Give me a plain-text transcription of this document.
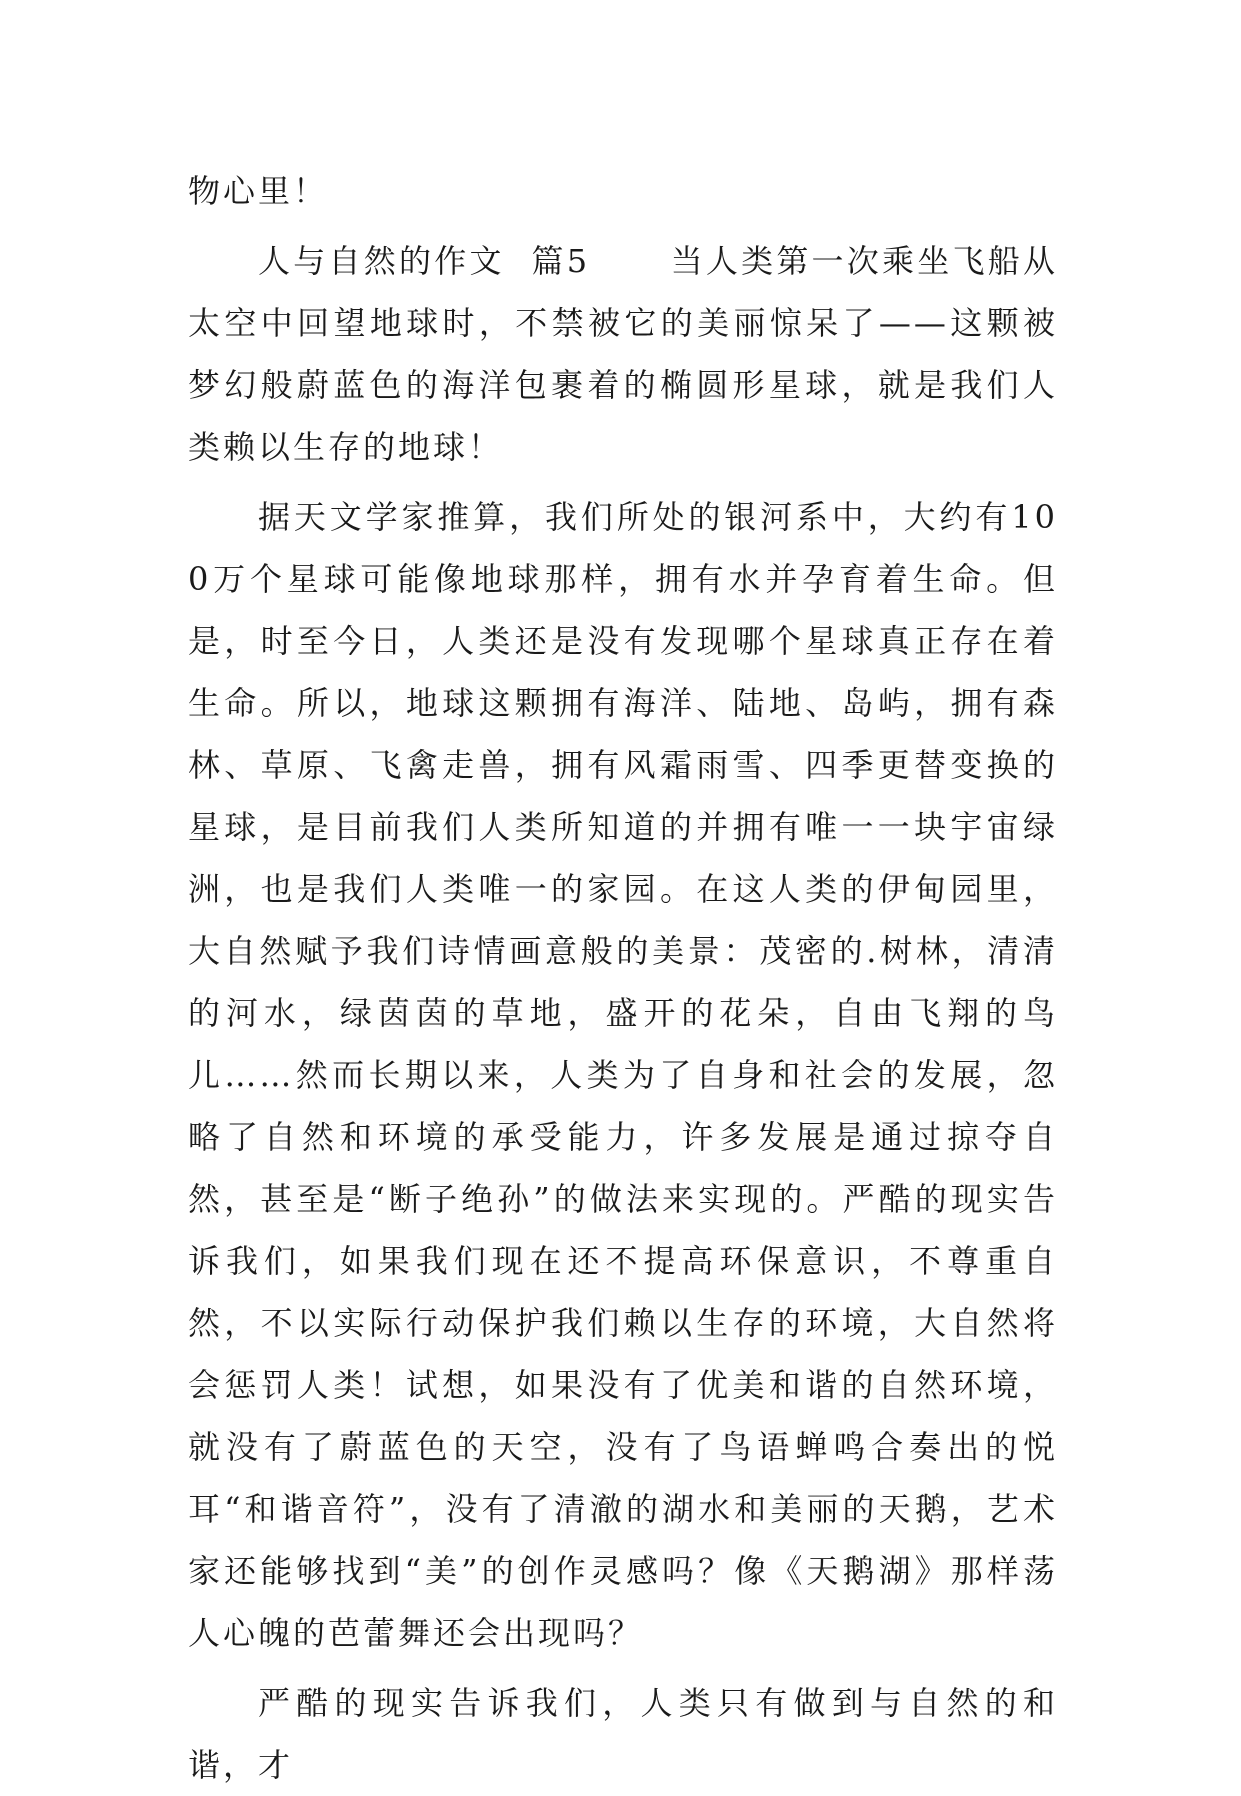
物心里！

人与自然的作文  篇5	当人类第一次乘坐飞船从太空中回望地球时，不禁被它的美丽惊呆了——这颗被梦幻般蔚蓝色的海洋包裹着的椭圆形星球，就是我们人类赖以生存的地球！

据天文学家推算，我们所处的银河系中，大约有100万个星球可能像地球那样，拥有水并孕育着生命。但是，时至今日，人类还是没有发现哪个星球真正存在着生命。所以，地球这颗拥有海洋、陆地、岛屿，拥有森林、草原、飞禽走兽，拥有风霜雨雪、四季更替变换的星球，是目前我们人类所知道的并拥有唯一一块宇宙绿洲，也是我们人类唯一的家园。在这人类的伊甸园里，大自然赋予我们诗情画意般的美景：茂密的.树林，清清的河水，绿茵茵的草地，盛开的花朵，自由飞翔的鸟儿……然而长期以来，人类为了自身和社会的发展，忽略了自然和环境的承受能力，许多发展是通过掠夺自然，甚至是“断子绝孙”的做法来实现的。严酷的现实告诉我们，如果我们现在还不提高环保意识，不尊重自然，不以实际行动保护我们赖以生存的环境，大自然将会惩罚人类！试想，如果没有了优美和谐的自然环境，就没有了蔚蓝色的天空，没有了鸟语蝉鸣合奏出的悦耳“和谐音符”，没有了清澈的湖水和美丽的天鹅，艺术家还能够找到“美”的创作灵感吗？像《天鹅湖》那样荡人心魄的芭蕾舞还会出现吗？

严酷的现实告诉我们，人类只有做到与自然的和谐，才
